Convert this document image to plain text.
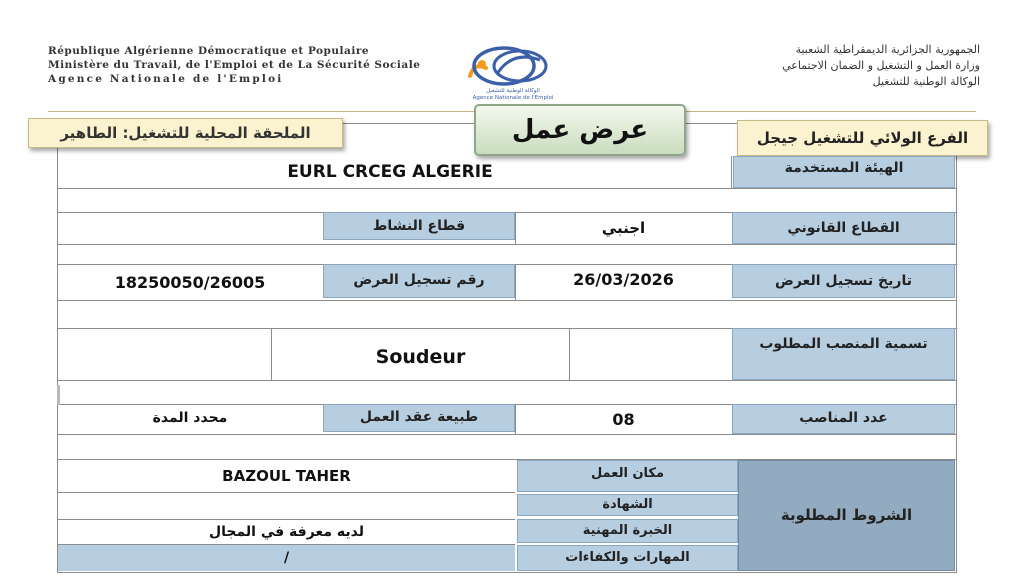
République Algérienne Démocratique et Populaire
Ministère du Travail, de l'Emploi et de La Sécurité Sociale
Agence Nationale de l'Emploi
الوكالة الوطنية للتشغيل
Agence Nationale de l'Emploi
الجمهورية الجزائرية الديمقراطية الشعبية
وزارة العمل و التشغيل و الضمان الاجتماعي
الوكالة الوطنية للتشغيل
الملحقة المحلية للتشغيل: الطاهير	عرض عمل	الفرع الولائي للتشغيل جيجل
الهيئة المستخدمة
EURL CRCEG ALGERIE
القطاع القانوني
اجنبي
قطاع النشاط
تاريخ تسجيل العرض
26/03/2026
رقم تسجيل العرض
18250050/26005
تسمية المنصب المطلوب
Soudeur
عدد المناصب
08
طبيعة عقد العمل
محدد المدة
الشروط المطلوبة
مكان العمل
BAZOUL TAHER
الشهادة
الخبرة المهنية
لديه معرفة في المجال
المهارات والكفاءات
/
